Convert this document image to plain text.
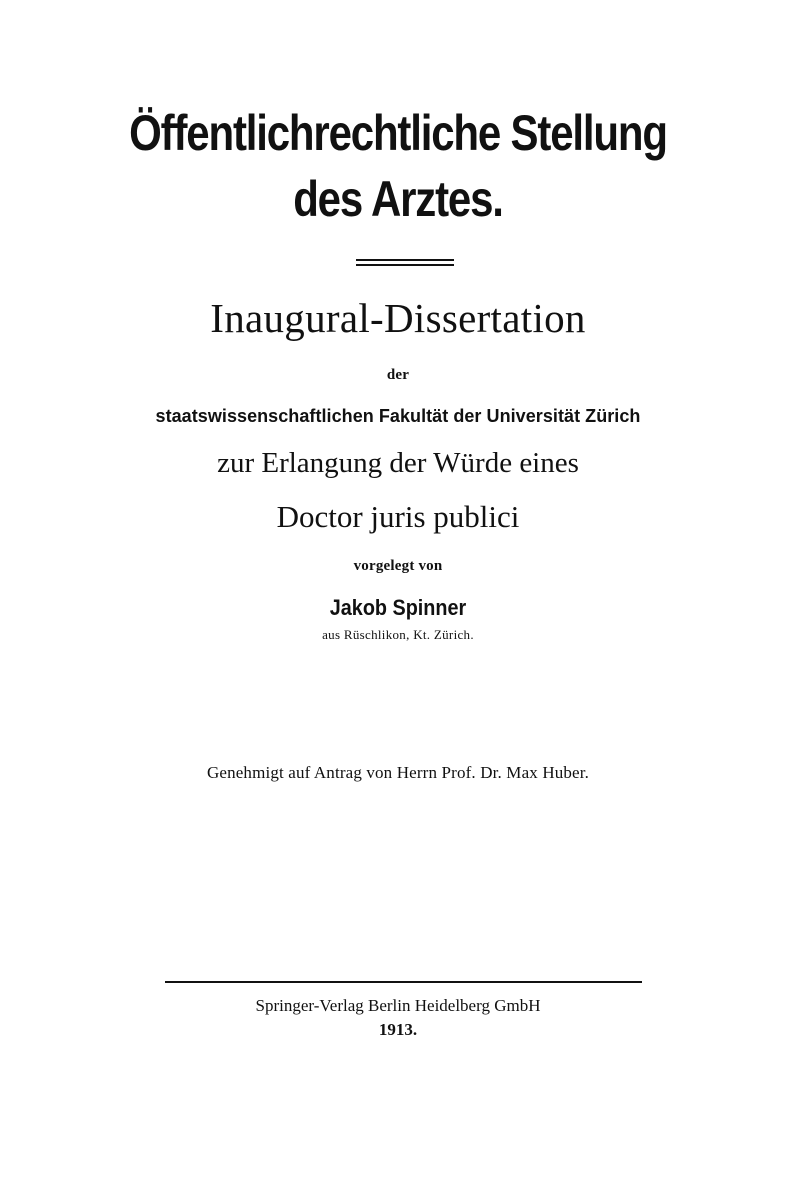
Öffentlichrechtliche Stellung
des Arztes.
Inaugural-Dissertation
der
staatswissenschaftlichen Fakultät der Universität Zürich
zur Erlangung der Würde eines
Doctor juris publici
vorgelegt von
Jakob Spinner
aus Rüschlikon, Kt. Zürich.
Genehmigt auf Antrag von Herrn Prof. Dr. Max Huber.
Springer-Verlag Berlin Heidelberg GmbH
1913.
